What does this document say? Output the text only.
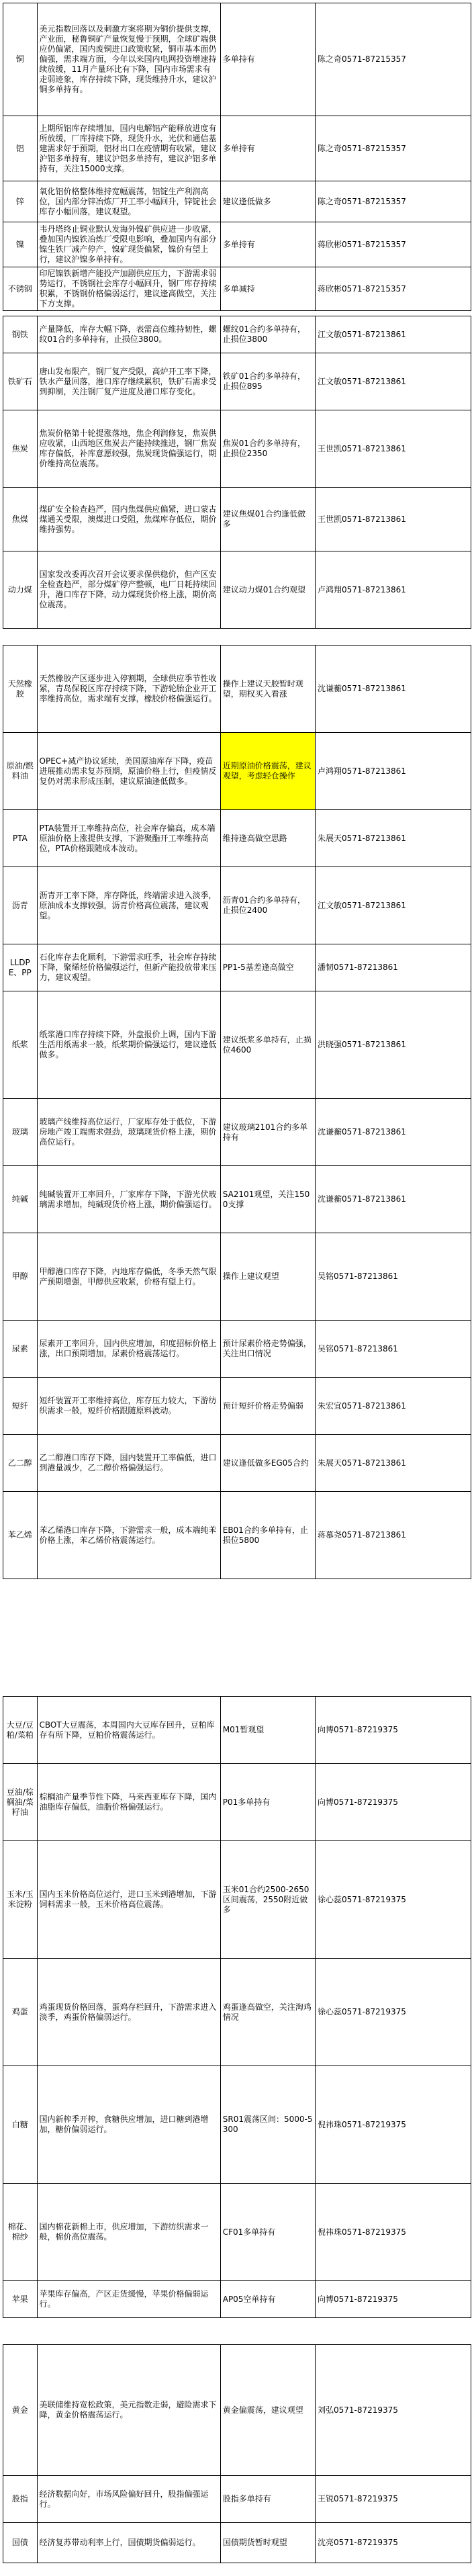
铜	美元指数回落以及刺激方案将期为铜价提供支撑，产业面，秘鲁铜矿产量恢复慢于预期，全球矿端供应仍偏紧，国内废铜进口政策收紧，铜市基本面仍偏强，需求端方面，今年以来国内电网投资增速持续放缓，11月产量环比有下降，国内市场需求有走弱迹象，库存持续下降，现货维持升水，建议沪铜多单持有。	多单持有	陈之奇0571-87215357
铝	上期所铝库存续增加，国内电解铝产能释放进度有所放缓，厂库持续下降，现货升水，光伏和通信基建需求好于预期，铝材出口在疫情期有收紧，建议沪铝多单持有，建议沪铝多单持有，建议沪铝多单持有，关注15000支撑。	多单持有	陈之奇0571-87215357
锌	氧化铝价格整体维持宽幅震荡，铝锭生产利润高位，国内部分锌冶炼厂开工率小幅回升，锌锭社会库存小幅回落，建议观望。	建议逢低做多	陈之奇0571-87215357
镍	韦丹塔终止铜业默认发海外镍矿供应进一步收紧，叠加国内镍铁冶炼厂受限电影响，叠加国内有部分镍生铁厂减产停产，镍矿现货偏紧，镍价有望上行，建议沪镍多单持有。	多单持有	蒋欣彬0571-87215357
不锈钢	印尼镍铁新增产能投产加剧供应压力，下游需求弱势运行，不锈钢社会库存小幅回升，钢厂库存持续积累，不锈钢价格偏弱运行，建议逢高做空，关注下方支撑。	多单减持	蒋欣彬0571-87215357
钢铁	产量降低，库存大幅下降，表需高位维持韧性，螺纹01合约多单持有，止损位3800。	螺纹01合约多单持有，止损位3800	江文敏0571-87213861
铁矿石	唐山发布限产，钢厂复产受限，高炉开工率下降，铁水产量回落，港口库存继续累积，铁矿石需求受到抑制，关注钢厂复产进度及港口库存变化。	铁矿01合约多单持有，止损位895	江文敏0571-87213861
焦炭	焦炭价格第十轮提涨落地，焦企利润修复，焦炭供应收紧，山西地区焦炭去产能持续推进，钢厂焦炭库存偏低，补库意愿较强，焦炭现货偏强运行，期价维持高位震荡。	焦炭01合约多单持有，止损位2350	王世凯0571-87213861
焦煤	煤矿安全检查趋严，国内焦煤供应偏紧，进口蒙古煤通关受限，澳煤进口受阻，焦煤库存低位，期价维持强势。	建议焦煤01合约逢低做多	王世凯0571-87213861
动力煤	国家发改委再次召开会议要求保供稳价，但产区安全检查趋严，部分煤矿停产整顿，电厂日耗持续回升，港口库存下降，动力煤现货价格上涨，期价高位震荡。	建议动力煤01合约观望	卢鸿翔0571-87213861
天然橡胶	天然橡胶产区逐步进入停割期，全球供应季节性收紧，青岛保税区库存持续下降，下游轮胎企业开工率维持高位，需求端有支撑，橡胶价格偏强运行。	操作上建议天胶暂时观望，期权买入看涨	沈谦蘅0571-87213861
原油/燃料油	OPEC+减产协议延续，美国原油库存下降，疫苗进展推动需求复苏预期，原油价格上行，但疫情反复仍对需求形成压制，建议原油逢低做多。	近期原油价格震荡，建议观望，考虑轻仓操作	卢鸿翔0571-87213861
PTA	PTA装置开工率维持高位，社会库存偏高，成本端原油价格上涨提供支撑，下游聚酯开工率维持高位，PTA价格跟随成本波动。	维持逢高做空思路	朱展天0571-87213861
沥青	沥青开工率下降，库存降低，终端需求进入淡季，原油成本支撑较强，沥青价格高位震荡，建议观望。	沥青01合约多单持有，止损位2400	江文敏0571-87213861
LLDPE、PP	石化库存去化顺利，下游需求旺季，社会库存持续下降，聚烯烃价格偏强运行，但新产能投放带来压力，建议观望。	PP1-5基差逢高做空	潘韧0571-87213861
纸浆	纸浆港口库存持续下降，外盘报价上调，国内下游生活用纸需求一般，纸浆期价偏强运行，建议逢低做多。	建议纸浆多单持有，止损位4600	洪晓强0571-87213861
玻璃	玻璃产线维持高位运行，厂家库存处于低位，下游房地产竣工端需求强劲，玻璃现货价格上涨，期价高位运行。	建议玻璃2101合约多单持有	沈谦蘅0571-87213861
纯碱	纯碱装置开工率回升，厂家库存下降，下游光伏玻璃需求增加，纯碱现货价格上涨，期价偏强运行。	SA2101观望，关注1500支撑	沈谦蘅0571-87213861
甲醇	甲醇港口库存下降，内地库存偏低，冬季天然气限产预期增强，甲醇供应收紧，价格有望上行。	操作上建议观望	吴铭0571-87213861
尿素	尿素开工率回升，国内供应增加，印度招标价格上涨，出口预期增加，尿素价格震荡运行。	预计尿素价格走势偏强，关注出口情况	吴铭0571-87213861
短纤	短纤装置开工率维持高位，库存压力较大，下游纺织需求一般，短纤价格跟随原料波动。	预计短纤价格走势偏弱	朱宏宜0571-87213861
乙二醇	乙二醇港口库存下降，国内装置开工率偏低，进口到港量减少，乙二醇价格偏强运行。	建议逢低做多EG05合约	朱展天0571-87213861
苯乙烯	苯乙烯港口库存下降，下游需求一般，成本端纯苯价格上涨，苯乙烯价格震荡运行。	EB01合约多单持有，止损位5800	蒋慕尧0571-87213861
大豆/豆粕/菜粕	CBOT大豆震荡，本周国内大豆库存回升，豆粕库存有所下降，豆粕价格震荡运行。	M01暂观望	向博0571-87219375
豆油/棕榈油/菜籽油	棕榈油产量季节性下降，马来西亚库存下降，国内油脂库存偏低，油脂价格偏强运行。	P01多单持有	向博0571-87219375
玉米/玉米淀粉	国内玉米价格高位运行，进口玉米到港增加，下游饲料需求一般，玉米价格高位震荡。	玉米01合约2500-2650区间震荡，2550附近做多	徐心蕊0571-87219375
鸡蛋	鸡蛋现货价格回落，蛋鸡存栏回升，下游需求进入淡季，鸡蛋价格偏弱运行。	鸡蛋逢高做空，关注淘鸡情况	徐心蕊0571-87219375
白糖	国内新榨季开榨，食糖供应增加，进口糖到港增加，糖价偏弱运行。	SR01震荡区间：5000-5300	倪祎珠0571-87219375
棉花、棉纱	国内棉花新棉上市，供应增加，下游纺织需求一般，棉价高位震荡。	CF01多单持有	倪祎珠0571-87219375
苹果	苹果库存偏高，产区走货缓慢，苹果价格偏弱运行。	AP05空单持有	向博0571-87219375
黄金	美联储维持宽松政策，美元指数走弱，避险需求下降，黄金价格震荡运行。	黄金偏震荡，建议观望	刘弘0571-87219375
股指	经济数据向好，市场风险偏好回升，股指偏强运行。	股指多单持有	王锐0571-87219375
国债	经济复苏带动利率上行，国债期货偏弱运行。	国债期货暂时观望	沈亮0571-87219375
